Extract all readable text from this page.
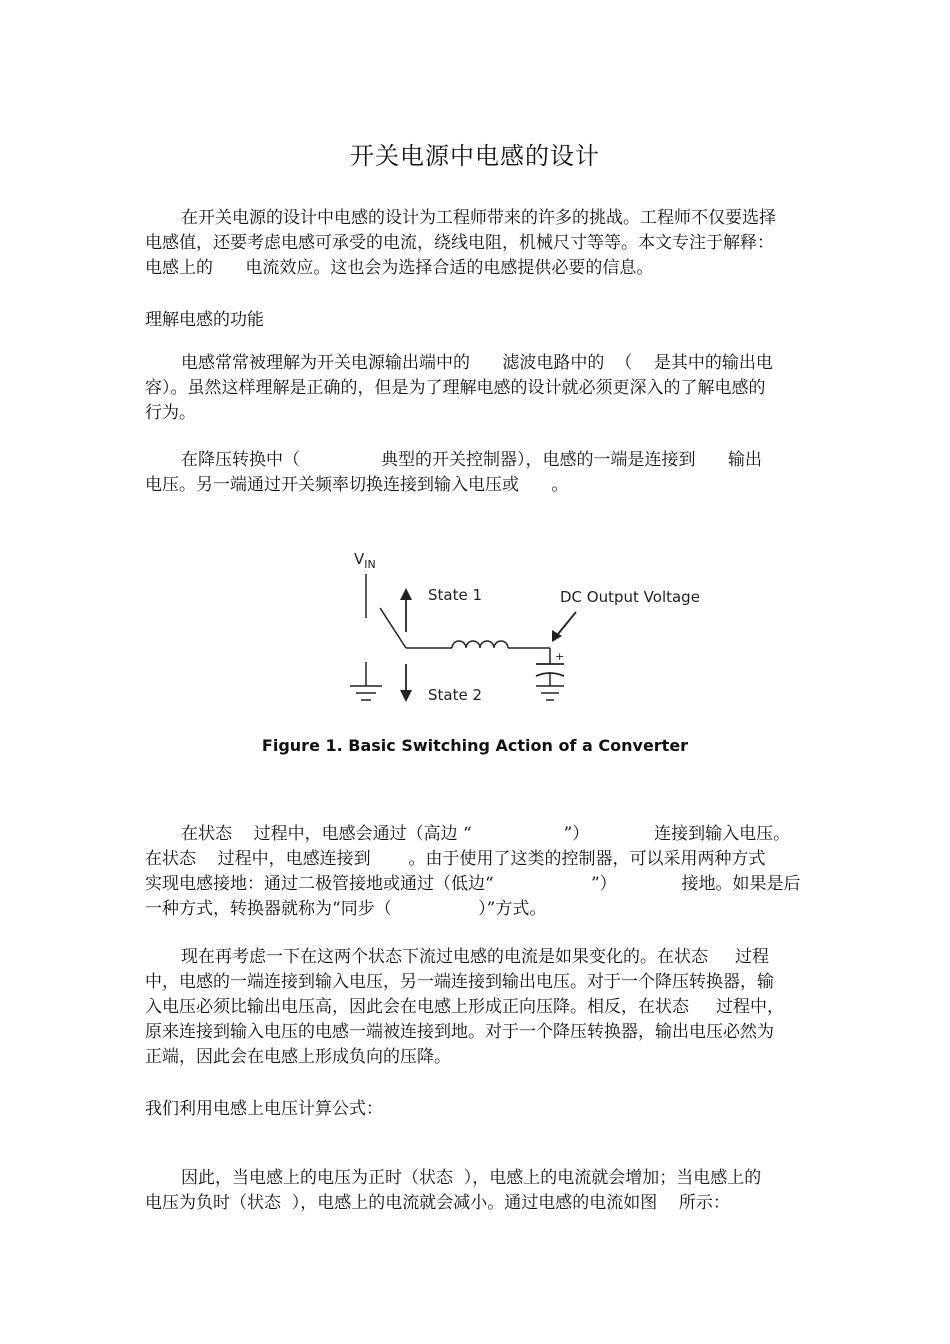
开关电源中电感的设计

在开关电源的设计中电感的设计为工程师带来的许多的挑战。工程师不仅要选择
电感值，还要考虑电感可承受的电流，绕线电阻，机械尺寸等等。本文专注于解释：
电感上的      电流效应。这也会为选择合适的电感提供必要的信息。

理解电感的功能

电感常常被理解为开关电源输出端中的      滤波电路中的  （    是其中的输出电
容）。虽然这样理解是正确的，但是为了理解电感的设计就必须更深入的了解电感的
行为。

在降压转换中（               典型的开关控制器），电感的一端是连接到      输出
电压。另一端通过开关频率切换连接到输入电压或      。

$V_{IN}$
State 1
State 2
+
DC Output Voltage
Figure 1. Basic Switching Action of a Converter

在状态    过程中，电感会通过（高边 “                 ”）            连接到输入电压。
在状态    过程中，电感连接到       。由于使用了这类的控制器，可以采用两种方式
实现电感接地：通过二极管接地或通过（低边“                  ”）            接地。如果是后
一种方式，转换器就称为“同步（                ）”方式。

现在再考虑一下在这两个状态下流过电感的电流是如果变化的。在状态     过程
中，电感的一端连接到输入电压，另一端连接到输出电压。对于一个降压转换器，输
入电压必须比输出电压高，因此会在电感上形成正向压降。相反，在状态     过程中，
原来连接到输入电压的电感一端被连接到地。对于一个降压转换器，输出电压必然为
正端，因此会在电感上形成负向的压降。

我们利用电感上电压计算公式：

因此，当电感上的电压为正时（状态  ），电感上的电流就会增加；当电感上的
电压为负时（状态  ），电感上的电流就会减小。通过电感的电流如图    所示：
